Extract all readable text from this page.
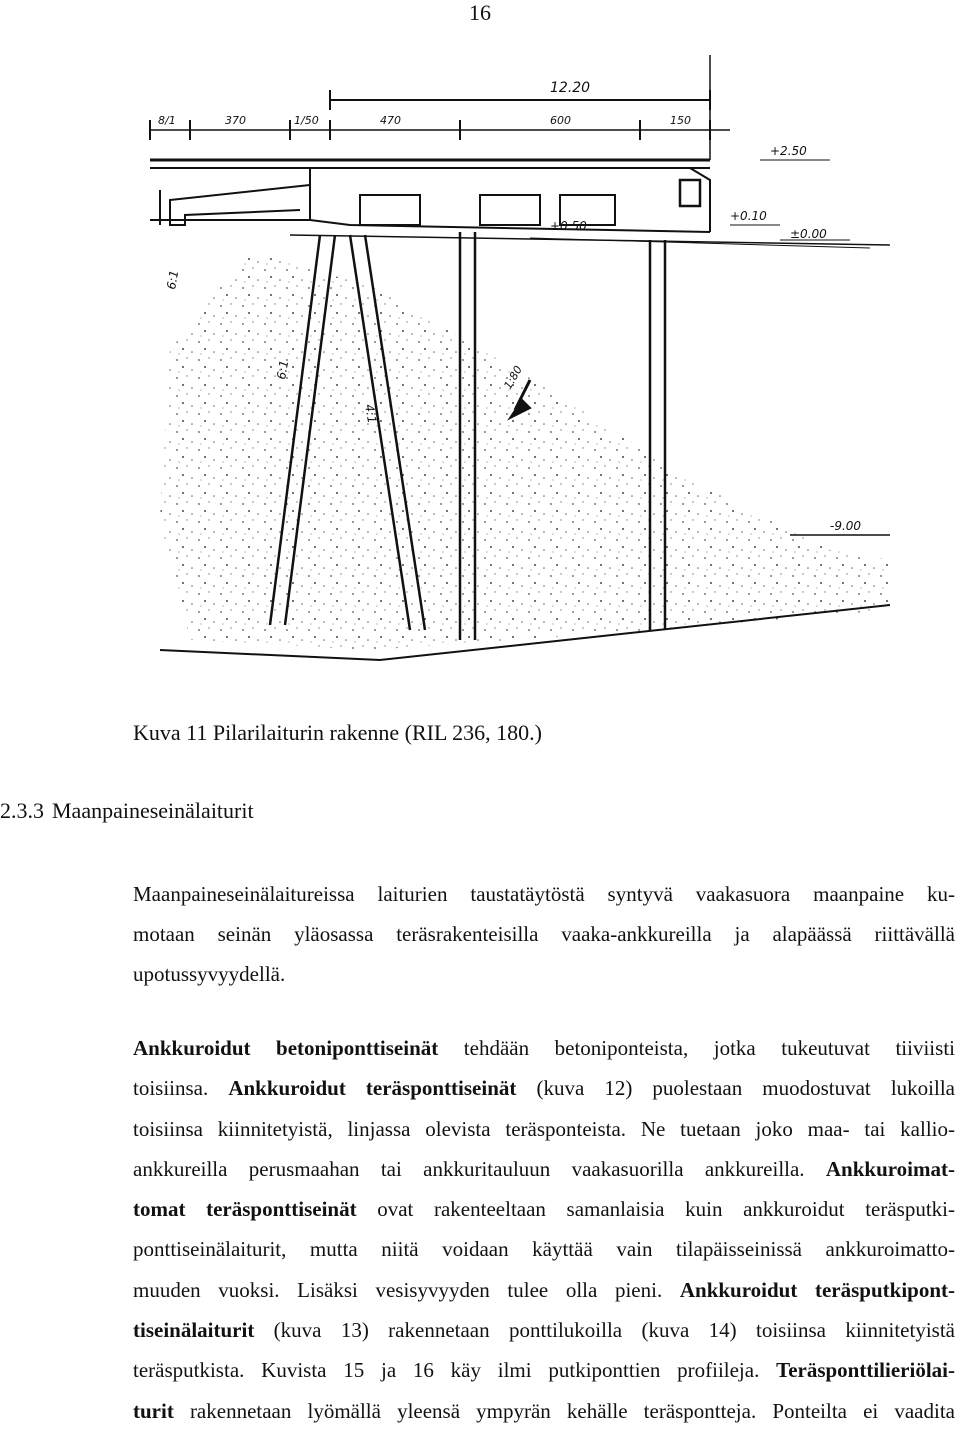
16
12.20
8/1	370	1/50	470	600	150
+2.50
+0.50
+0.10
±0.00
-9.00
6:1
6:1
4:1
1:80
Kuva 11 Pilarilaiturin rakenne (RIL 236, 180.)
2.3.3 Maanpaineseinälaiturit
Maanpaineseinälaitureissa laiturien taustatäytöstä syntyvä vaakasuora maanpaine ku-
motaan seinän yläosassa teräsrakenteisilla vaaka-ankkureilla ja alapäässä riittävällä
upotussyvyydellä.
Ankkuroidut betoniponttiseinät tehdään betoniponteista, jotka tukeutuvat tiiviisti
toisiinsa. Ankkuroidut teräsponttiseinät (kuva 12) puolestaan muodostuvat lukoilla
toisiinsa kiinnitetyistä, linjassa olevista teräsponteista. Ne tuetaan joko maa- tai kallio-
ankkureilla perusmaahan tai ankkuritauluun vaakasuorilla ankkureilla. Ankkuroimat-
tomat teräsponttiseinät ovat rakenteeltaan samanlaisia kuin ankkuroidut teräsputki-
ponttiseinälaiturit, mutta niitä voidaan käyttää vain tilapäisseinissä ankkuroimatto-
muuden vuoksi. Lisäksi vesisyvyyden tulee olla pieni. Ankkuroidut teräsputkipont-
tiseinälaiturit (kuva 13) rakennetaan ponttilukoilla (kuva 14) toisiinsa kiinnitetyistä
teräsputkista. Kuvista 15 ja 16 käy ilmi putkiponttien profiileja. Teräsponttilieriölai-
turit rakennetaan lyömällä yleensä ympyrän kehälle teräspontteja. Ponteilta ei vaadita
